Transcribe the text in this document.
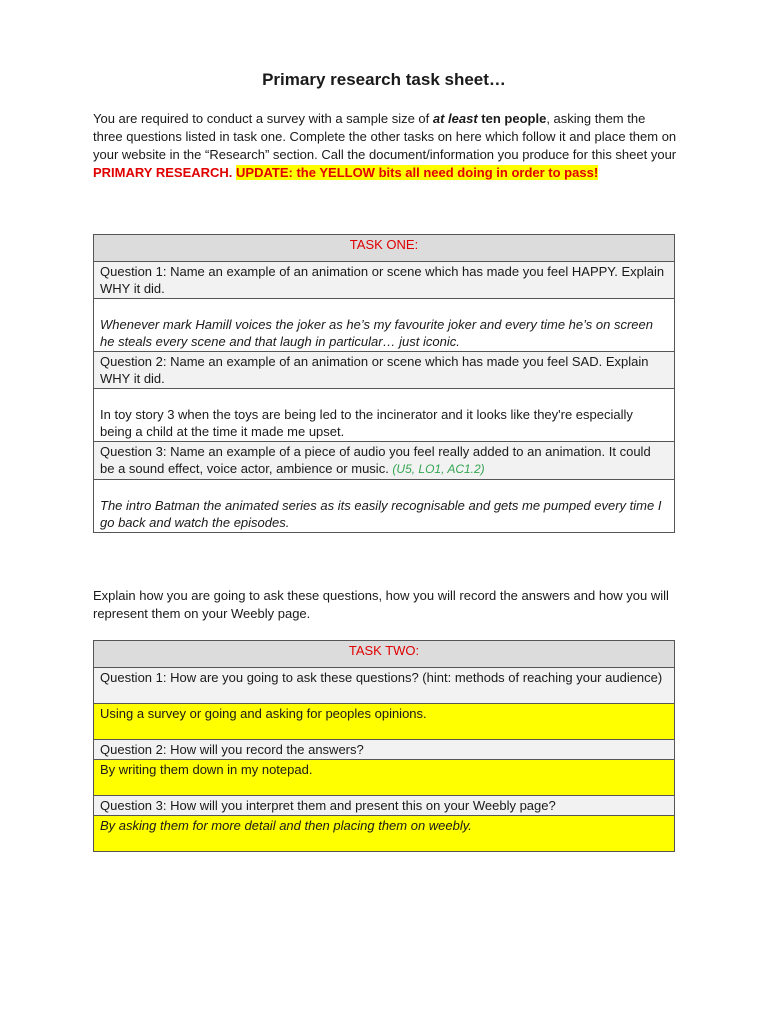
Primary research task sheet…

You are required to conduct a survey with a sample size of at least ten people, asking them the three questions listed in task one. Complete the other tasks on here which follow it and place them on your website in the “Research” section. Call the document/information you produce for this sheet your PRIMARY RESEARCH. UPDATE: the YELLOW bits all need doing in order to pass!

TASK ONE:
Question 1: Name an example of an animation or scene which has made you feel HAPPY. Explain WHY it did.
Whenever mark Hamill voices the joker as he’s my favourite joker and every time he’s on screen he steals every scene and that laugh in particular… just iconic.
Question 2: Name an example of an animation or scene which has made you feel SAD. Explain WHY it did.
In toy story 3 when the toys are being led to the incinerator and it looks like they're especially being a child at the time it made me upset.
Question 3: Name an example of a piece of audio you feel really added to an animation. It could be a sound effect, voice actor, ambience or music. (U5, LO1, AC1.2)
The intro Batman the animated series as its easily recognisable and gets me pumped every time I go back and watch the episodes.

Explain how you are going to ask these questions, how you will record the answers and how you will represent them on your Weebly page.

TASK TWO:
Question 1: How are you going to ask these questions? (hint: methods of reaching your audience)
Using a survey or going and asking for peoples opinions.
Question 2: How will you record the answers?
By writing them down in my notepad.
Question 3: How will you interpret them and present this on your Weebly page?
By asking them for more detail and then placing them on weebly.
